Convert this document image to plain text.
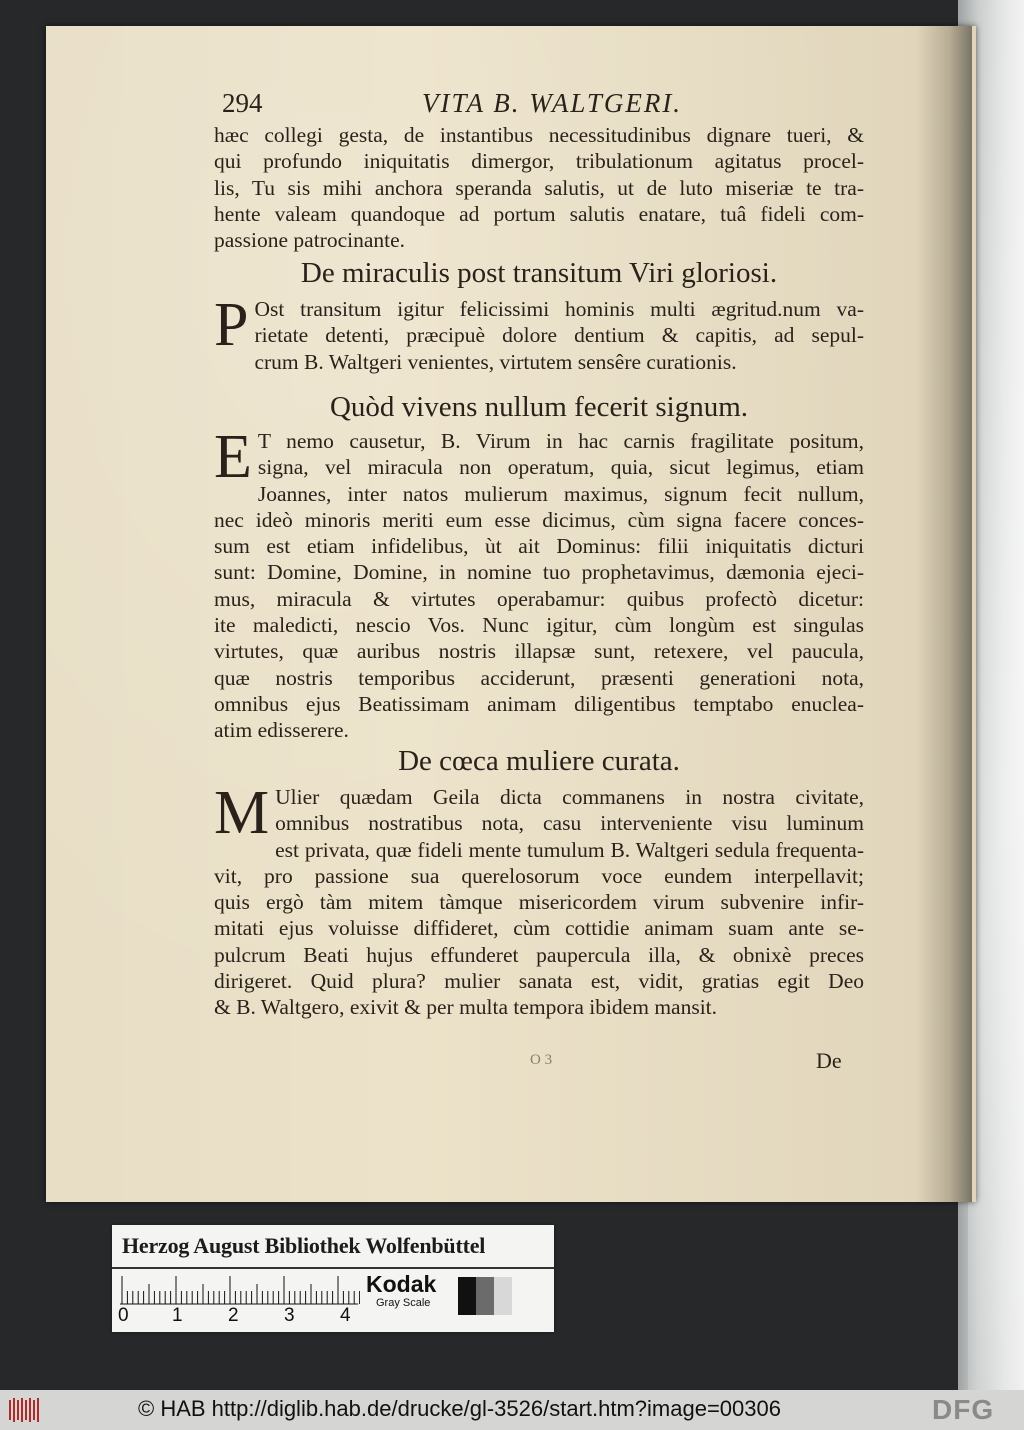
294	VITA B. WALTGERI.
hæc collegi gesta, de instantibus necessitudinibus dignare tueri, &
qui profundo iniquitatis dimergor, tribulationum agitatus procel-
lis, Tu sis mihi anchora speranda salutis, ut de luto miseriæ te tra-
hente valeam quandoque ad portum salutis enatare, tuâ fideli com-
passione patrocinante.
De miraculis post transitum Viri gloriosi.
P Ost transitum igitur felicissimi hominis multi ægritud.num va-
rietate detenti, præcipuè dolore dentium & capitis, ad sepul-
crum B. Waltgeri venientes, virtutem sensêre curationis.
Quòd vivens nullum fecerit signum.
E T nemo causetur, B. Virum in hac carnis fragilitate positum,
signa, vel miracula non operatum, quia, sicut legimus, etiam
Joannes, inter natos mulierum maximus, signum fecit nullum,
nec ideò minoris meriti eum esse dicimus, cùm signa facere conces-
sum est etiam infidelibus, ùt ait Dominus: filii iniquitatis dicturi
sunt: Domine, Domine, in nomine tuo prophetavimus, dæmonia ejeci-
mus, miracula & virtutes operabamur: quibus profectò dicetur:
ite maledicti, nescio Vos. Nunc igitur, cùm longùm est singulas
virtutes, quæ auribus nostris illapsæ sunt, retexere, vel paucula,
quæ nostris temporibus acciderunt, præsenti generationi nota,
omnibus ejus Beatissimam animam diligentibus temptabo enuclea-
atim edisserere.
De cœca muliere curata.
M Ulier quædam Geila dicta commanens in nostra civitate,
omnibus nostratibus nota, casu interveniente visu luminum
est privata, quæ fideli mente tumulum B. Waltgeri sedula frequenta-
vit, pro passione sua querelosorum voce eundem interpellavit;
quis ergò tàm mitem tàmque misericordem virum subvenire infir-
mitati ejus voluisse diffideret, cùm cottidie animam suam ante se-
pulcrum Beati hujus effunderet paupercula illa, & obnixè preces
dirigeret. Quid plura? mulier sanata est, vidit, gratias egit Deo
& B. Waltgero, exivit & per multa tempora ibidem mansit.
O 3	De
Herzog August Bibliothek Wolfenbüttel
0 1 2 3 4
Kodak
Gray Scale
© HAB http://diglib.hab.de/drucke/gl-3526/start.htm?image=00306	DFG
